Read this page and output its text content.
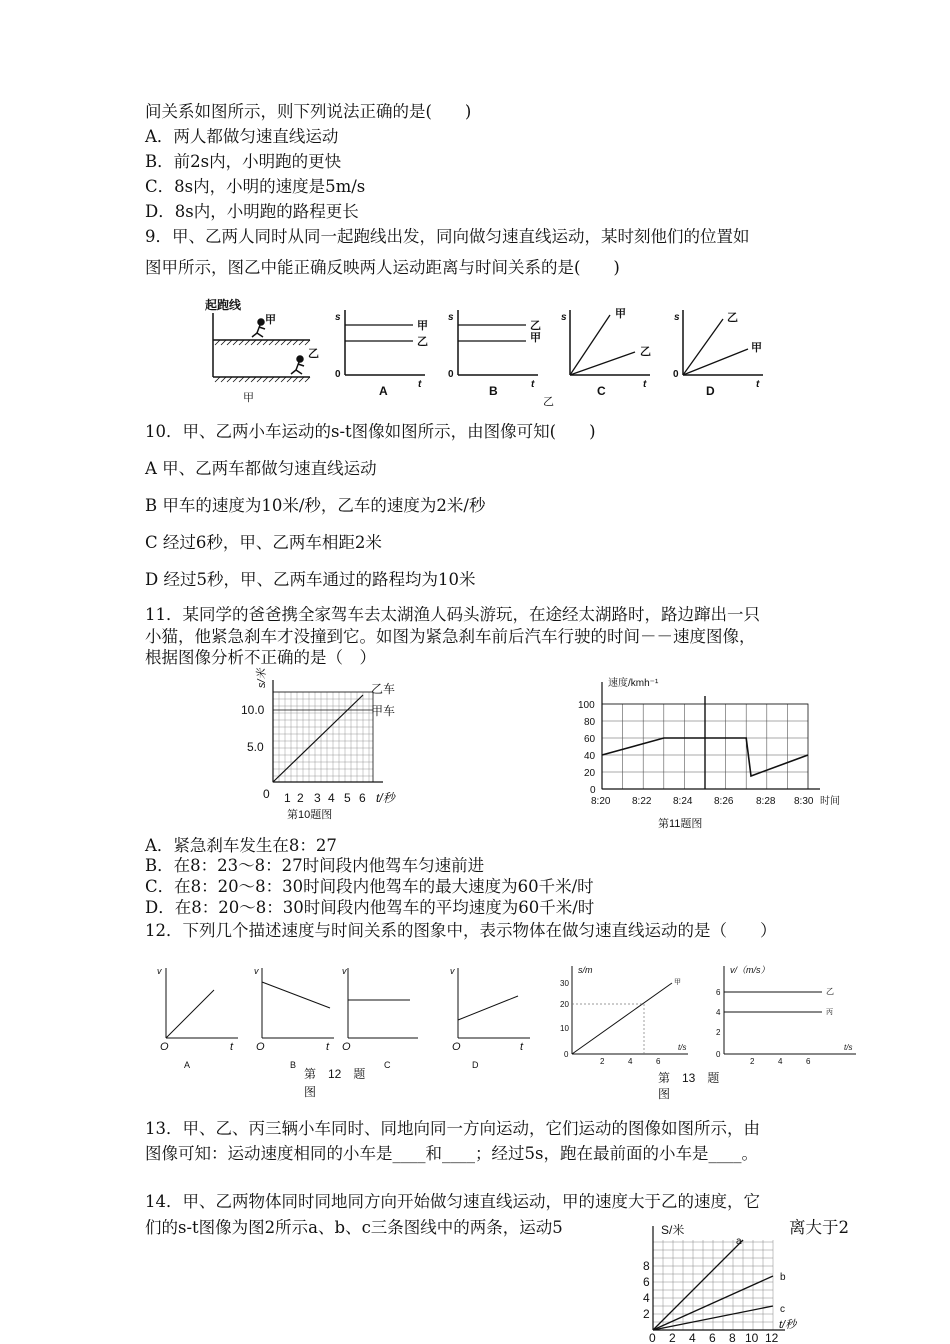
间关系如图所示，则下列说法正确的是(　　)
A．两人都做匀速直线运动
B．前2s内，小明跑的更快
C．8s内，小明的速度是5m/s
D．8s内，小明跑的路程更长
9．甲、乙两人同时从同一起跑线出发，同向做匀速直线运动，某时刻他们的位置如
图甲所示，图乙中能正确反映两人运动距离与时间关系的是(　　)
起跑线
甲
乙
s
0
t
甲
乙
A
s
0
t
乙
甲
B
s	甲
乙
t
C
s
0
乙
甲
t
D
甲	乙
10．甲、乙两小车运动的s-t图像如图所示，由图像可知(　　)
A 甲、乙两车都做匀速直线运动
B 甲车的速度为10米/秒，乙车的速度为2米/秒
C 经过6秒，甲、乙两车相距2米
D 经过5秒，甲、乙两车通过的路程均为10米
11．某同学的爸爸携全家驾车去太湖渔人码头游玩，在途经太湖路时，路边蹿出一只
小猫，他紧急刹车才没撞到它。如图为紧急刹车前后汽车行驶的时间－－速度图像，
根据图像分析不正确的是（　）
s/米
10.0
5.0
0 1 2 3 4 5 6 t/秒
乙车
甲车
第10题图
速度/kmh⁻¹
100
80
60
40
20
0
8:20 8:22 8:24 8:26 8:28 8:30 时间
第11题图
A．紧急刹车发生在8：27
B．在8：23～8：27时间段内他驾车匀速前进
C．在8：20～8：30时间段内他驾车的最大速度为60千米/时
D．在8：20～8：30时间段内他驾车的平均速度为60千米/时
12．下列几个描述速度与时间关系的图象中，表示物体在做匀速直线运动的是（　　）
v
O	t
A
v
O	t
B
v
O
C
v
O	t
D
第　12　题
图
s/m
30
20
10
0
2	4	6
t/s
甲
v/（m/s）
6
4
2
0
2	4	6
t/s
乙
丙
第　13　题
图
13．甲、乙、丙三辆小车同时、同地向同一方向运动，它们运动的图像如图所示，由
图像可知：运动速度相同的小车是____和____；经过5s，跑在最前面的小车是____。
14．甲、乙两物体同时同地同方向开始做匀速直线运动，甲的速度大于乙的速度，它
们的s-t图像为图2所示a、b、c三条图线中的两条，运动5	离大于2
S/米
8
6
4
2
0 2 4 6 8 10 12
t/秒
a
b
c
